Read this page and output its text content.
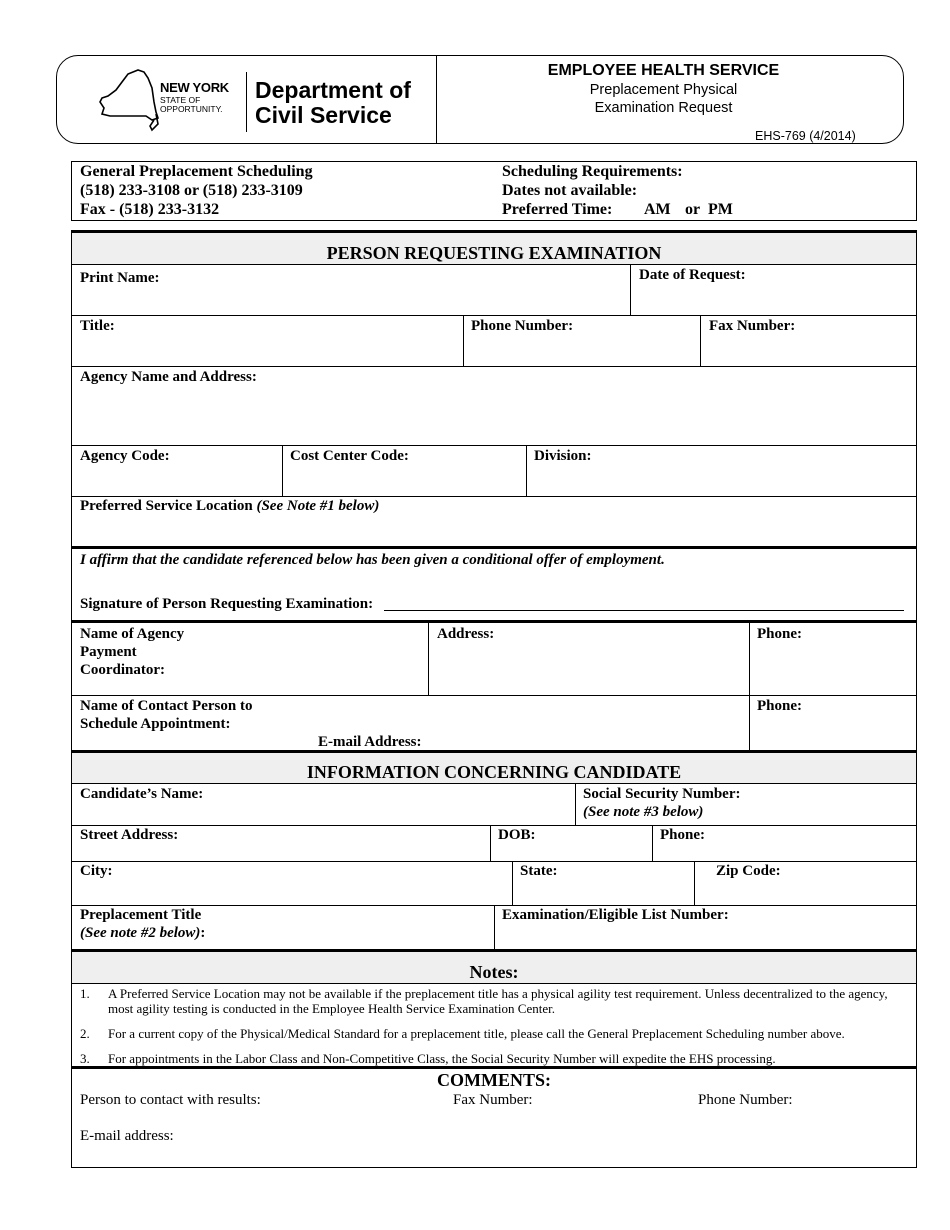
NEW YORK
STATE OF
OPPORTUNITY.
Department of
Civil Service
EMPLOYEE HEALTH SERVICE
Preplacement Physical
Examination Request
EHS-769 (4/2014)
General Preplacement Scheduling
(518) 233-3108 or (518) 233-3109
Fax - (518) 233-3132
Scheduling Requirements:
Dates not available:
Preferred Time: AM or PM
PERSON REQUESTING EXAMINATION
Print Name:	Date of Request:
Title:	Phone Number:	Fax Number:
Agency Name and Address:
Agency Code:	Cost Center Code:	Division:
Preferred Service Location (See Note #1 below)
I affirm that the candidate referenced below has been given a conditional offer of employment.
Signature of Person Requesting Examination:
Name of Agency
Payment
Coordinator:
Address:	Phone:
Name of Contact Person to
Schedule Appointment:
E-mail Address:
Phone:
INFORMATION CONCERNING CANDIDATE
Candidate’s Name:	Social Security Number:
(See note #3 below)
Street Address:	DOB:	Phone:
City:	State:	Zip Code:
Preplacement Title
(See note #2 below):
Examination/Eligible List Number:
Notes:
1. A Preferred Service Location may not be available if the preplacement title has a physical agility test requirement. Unless decentralized to the agency, most agility testing is conducted in the Employee Health Service Examination Center.
2. For a current copy of the Physical/Medical Standard for a preplacement title, please call the General Preplacement Scheduling number above.
3. For appointments in the Labor Class and Non-Competitive Class, the Social Security Number will expedite the EHS processing.
COMMENTS:
Person to contact with results:	Fax Number:	Phone Number:
E-mail address:
